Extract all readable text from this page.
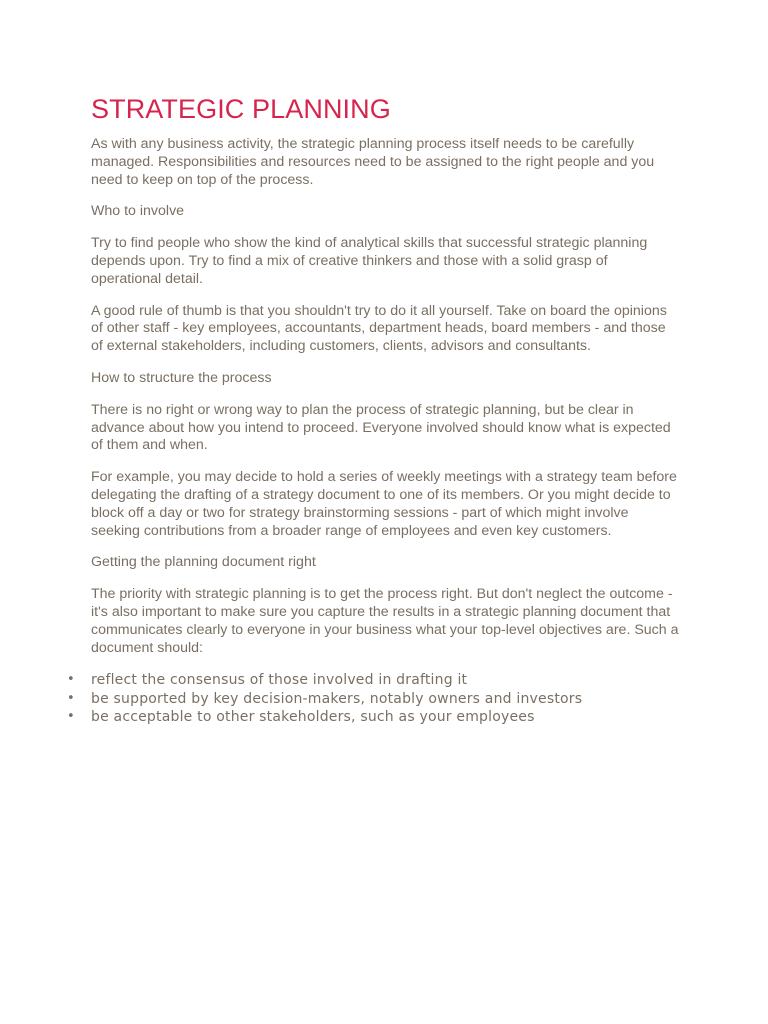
STRATEGIC PLANNING

As with any business activity, the strategic planning process itself needs to be carefully managed. Responsibilities and resources need to be assigned to the right people and you need to keep on top of the process.

Who to involve

Try to find people who show the kind of analytical skills that successful strategic planning depends upon. Try to find a mix of creative thinkers and those with a solid grasp of operational detail.

A good rule of thumb is that you shouldn't try to do it all yourself. Take on board the opinions of other staff - key employees, accountants, department heads, board members - and those of external stakeholders, including customers, clients, advisors and consultants.

How to structure the process

There is no right or wrong way to plan the process of strategic planning, but be clear in advance about how you intend to proceed. Everyone involved should know what is expected of them and when.

For example, you may decide to hold a series of weekly meetings with a strategy team before delegating the drafting of a strategy document to one of its members. Or you might decide to block off a day or two for strategy brainstorming sessions - part of which might involve seeking contributions from a broader range of employees and even key customers.

Getting the planning document right

The priority with strategic planning is to get the process right. But don't neglect the outcome - it's also important to make sure you capture the results in a strategic planning document that communicates clearly to everyone in your business what your top-level objectives are. Such a document should:

• reflect the consensus of those involved in drafting it
• be supported by key decision-makers, notably owners and investors
• be acceptable to other stakeholders, such as your employees
